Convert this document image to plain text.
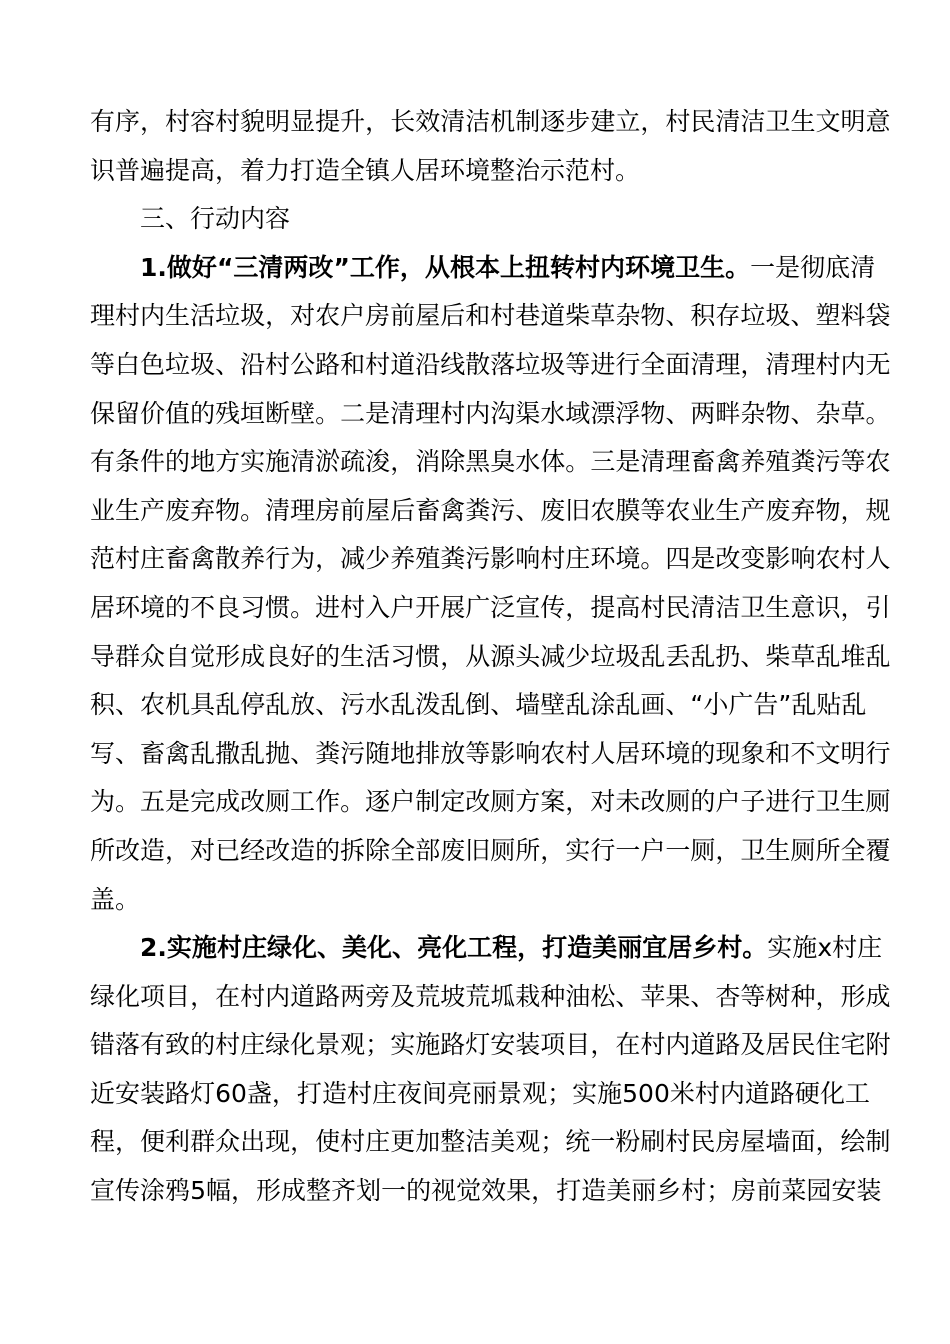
有 序 ， 村 容 村 貌 明 显 提 升 ， 长 效 清 洁 机 制 逐 步 建 立 ， 村 民 清 洁 卫 生 文 明 意
识普遍提高，着力打造全镇人居环境整治示范村。
三、行动内容
1 . 做 好 “ 三 清 两 改 ” 工 作 ， 从 根 本 上 扭 转 村 内 环 境 卫 生 。 一 是 彻 底 清
理 村 内 生 活 垃 圾 ， 对 农 户 房 前 屋 后 和 村 巷 道 柴 草 杂 物 、 积 存 垃 圾 、 塑 料 袋
等 白 色 垃 圾 、 沿 村 公 路 和 村 道 沿 线 散 落 垃 圾 等 进 行 全 面 清 理 ， 清 理 村 内 无
保 留 价 值 的 残 垣 断 壁 。 二 是 清 理 村 内 沟 渠 水 域 漂 浮 物 、 两 畔 杂 物 、 杂 草 。
有 条 件 的 地 方 实 施 清 淤 疏 浚 ， 消 除 黑 臭 水 体 。 三 是 清 理 畜 禽 养 殖 粪 污 等 农
业 生 产 废 弃 物 。 清 理 房 前 屋 后 畜 禽 粪 污 、 废 旧 农 膜 等 农 业 生 产 废 弃 物 ， 规
范 村 庄 畜 禽 散 养 行 为 ， 减 少 养 殖 粪 污 影 响 村 庄 环 境 。 四 是 改 变 影 响 农 村 人
居 环 境 的 不 良 习 惯 。 进 村 入 户 开 展 广 泛 宣 传 ， 提 高 村 民 清 洁 卫 生 意 识 ， 引
导 群 众 自 觉 形 成 良 好 的 生 活 习 惯 ， 从 源 头 减 少 垃 圾 乱 丢 乱 扔 、 柴 草 乱 堆 乱
积 、 农 机 具 乱 停 乱 放 、 污 水 乱 泼 乱 倒 、 墙 壁 乱 涂 乱 画 、 “ 小 广 告 ” 乱 贴 乱
写 、 畜 禽 乱 撒 乱 抛 、 粪 污 随 地 排 放 等 影 响 农 村 人 居 环 境 的 现 象 和 不 文 明 行
为 。 五 是 完 成 改 厕 工 作 。 逐 户 制 定 改 厕 方 案 ， 对 未 改 厕 的 户 子 进 行 卫 生 厕
所 改 造 ， 对 已 经 改 造 的 拆 除 全 部 废 旧 厕 所 ， 实 行 一 户 一 厕 ， 卫 生 厕 所 全 覆
盖。
2 . 实 施 村 庄 绿 化 、 美 化 、 亮 化 工 程 ， 打 造 美 丽 宜 居 乡 村 。 实 施 x 村 庄
绿 化 项 目 ， 在 村 内 道 路 两 旁 及 荒 坡 荒 坬 栽 种 油 松 、 苹 果 、 杏 等 树 种 ， 形 成
错 落 有 致 的 村 庄 绿 化 景 观 ； 实 施 路 灯 安 装 项 目 ， 在 村 内 道 路 及 居 民 住 宅 附
近 安 装 路 灯 6 0 盏 ， 打 造 村 庄 夜 间 亮 丽 景 观 ； 实 施 5 0 0 米 村 内 道 路 硬 化 工
程 ， 便 利 群 众 出 现 ， 使 村 庄 更 加 整 洁 美 观 ； 统 一 粉 刷 村 民 房 屋 墙 面 ， 绘 制
宣 传 涂 鸦 5 幅 ， 形 成 整 齐 划 一 的 视 觉 效 果 ， 打 造 美 丽 乡 村 ； 房 前 菜 园 安 装
